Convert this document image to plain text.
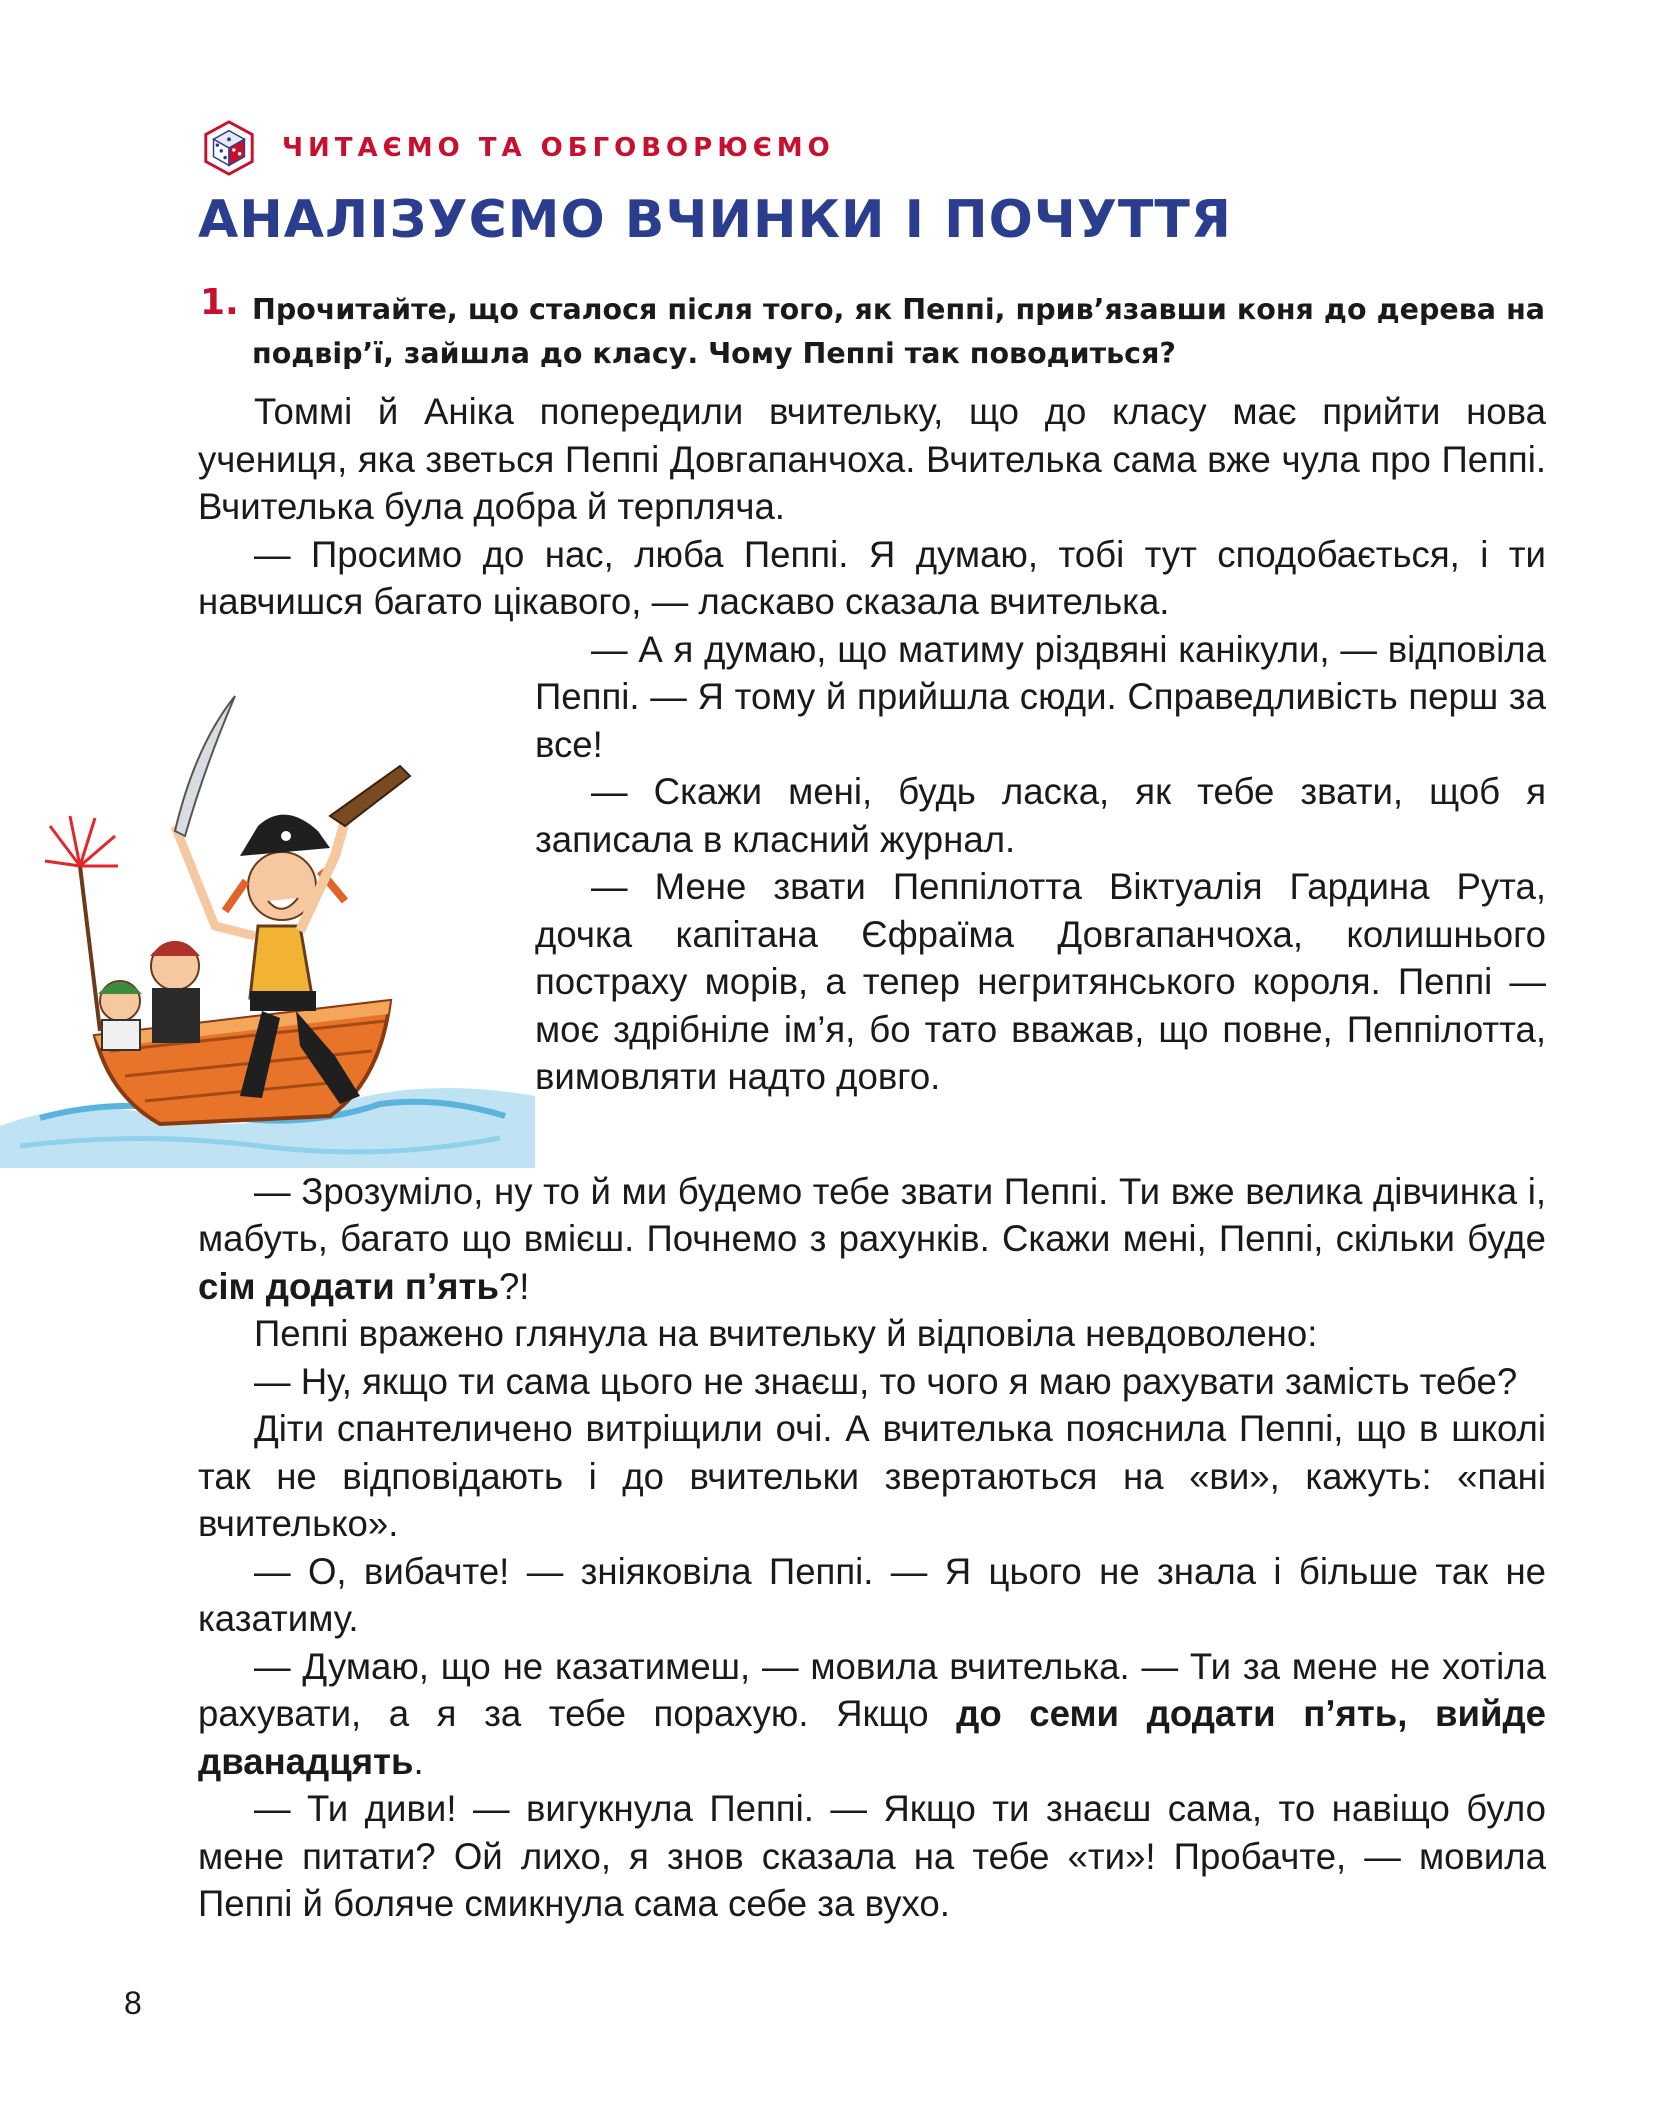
ЧИТАЄМО ТА ОБГОВОРЮЄМО
АНАЛІЗУЄМО ВЧИНКИ І ПОЧУТТЯ
1. Прочитайте, що сталося після того, як Пеппі, прив’язавши коня до дерева на подвір’ї, зайшла до класу. Чому Пеппі так поводиться?

Томмі й Аніка попередили вчительку, що до класу має прийти нова учениця, яка зветься Пеппі Довгапанчоха. Вчителька сама вже чула про Пеппі. Вчителька була добра й терпляча.

— Просимо до нас, люба Пеппі. Я думаю, тобі тут сподобається, і ти навчишся багато цікавого, — ласкаво сказала вчителька.

— А я думаю, що матиму різдвяні канікули, — відповіла Пеппі. — Я тому й прийшла сюди. Справедливість перш за все!

— Скажи мені, будь ласка, як тебе звати, щоб я записала в класний журнал.

— Мене звати Пеппілотта Віктуалія Гардина Рута, дочка капітана Єфраїма Довгапанчоха, колишнього пострaху морів, а тепер негритянського короля. Пеппі — моє здрібніле ім’я, бо тато вважав, що повне, Пеппілотта, вимовляти надто довго.

— Зрозуміло, ну то й ми будемо тебе звати Пеппі. Ти вже велика дівчинка і, мабуть, багато що вмієш. Почнемо з рахунків. Скажи мені, Пеппі, скільки буде сім додати п’ять?!

Пеппі вражено глянула на вчительку й відповіла невдоволено:

— Ну, якщо ти сама цього не знаєш, то чого я маю рахувати замість тебе?

Діти спантеличено витріщили очі. А вчителька пояснила Пеппі, що в школі так не відповідають і до вчительки звертаються на «ви», кажуть: «пані вчителько».

— О, вибачте! — зніяковіла Пеппі. — Я цього не знала і більше так не казатиму.

— Думаю, що не казатимеш, — мовила вчителька. — Ти за мене не хотіла рахувати, а я за тебе порахую. Якщо до семи додати п’ять, вийде дванадцять.

— Ти диви! — вигукнула Пеппі. — Якщо ти знаєш сама, то навіщо було мене питати? Ой лихо, я знов сказала на тебе «ти»! Пробачте, — мовила Пеппі й боляче смикнула сама себе за вухо.

8
